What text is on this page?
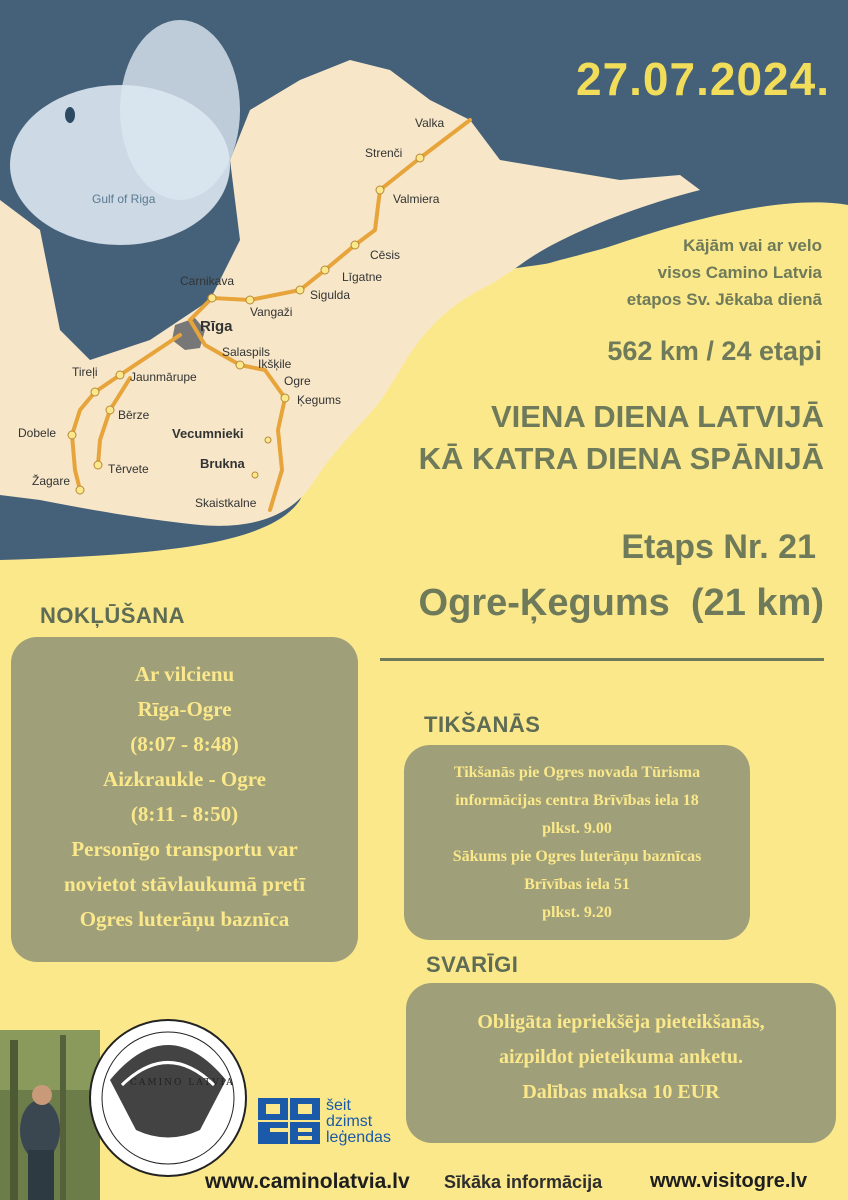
Gulf of Riga
Valka
Strenči
Valmiera
Cēsis
Līgatne
Carnikava
Sigulda
Vangaži
Rīga
Salaspils
Ikšķile
Ogre
Ķegums
Tireļi	Jaunmārupe
Bērze
Dobele	Vecumnieki
Tērvete	Brukna
Žagare
Skaistkalne
27.07.2024.
Kājām vai ar velo
visos Camino Latvia
etapos Sv. Jēkaba dienā
562 km / 24 etapi
VIENA DIENA LATVIJĀ
KĀ KATRA DIENA SPĀNIJĀ
Etaps Nr. 21
Ogre-Ķegums  (21 km)
NOKĻŪŠANA
Ar vilcienu
Rīga-Ogre
(8:07 - 8:48)
Aizkraukle - Ogre
(8:11 - 8:50)
Personīgo transportu var
novietot stāvlaukumā pretī
Ogres luterāņu baznīca
TIKŠANĀS
Tikšanās pie Ogres novada Tūrisma
informācijas centra Brīvības iela 18
plkst. 9.00
Sākums pie Ogres luterāņu baznīcas
Brīvības iela 51
plkst. 9.20
SVARĪGI
Obligāta iepriekšēja pieteikšanās,
aizpildot pieteikuma anketu.
Dalības maksa 10 EUR
CAMINO LATVIA
šeit
dzimst
leģendas
www.caminolatvia.lv Sīkāka informācija www.visitogre.lv
